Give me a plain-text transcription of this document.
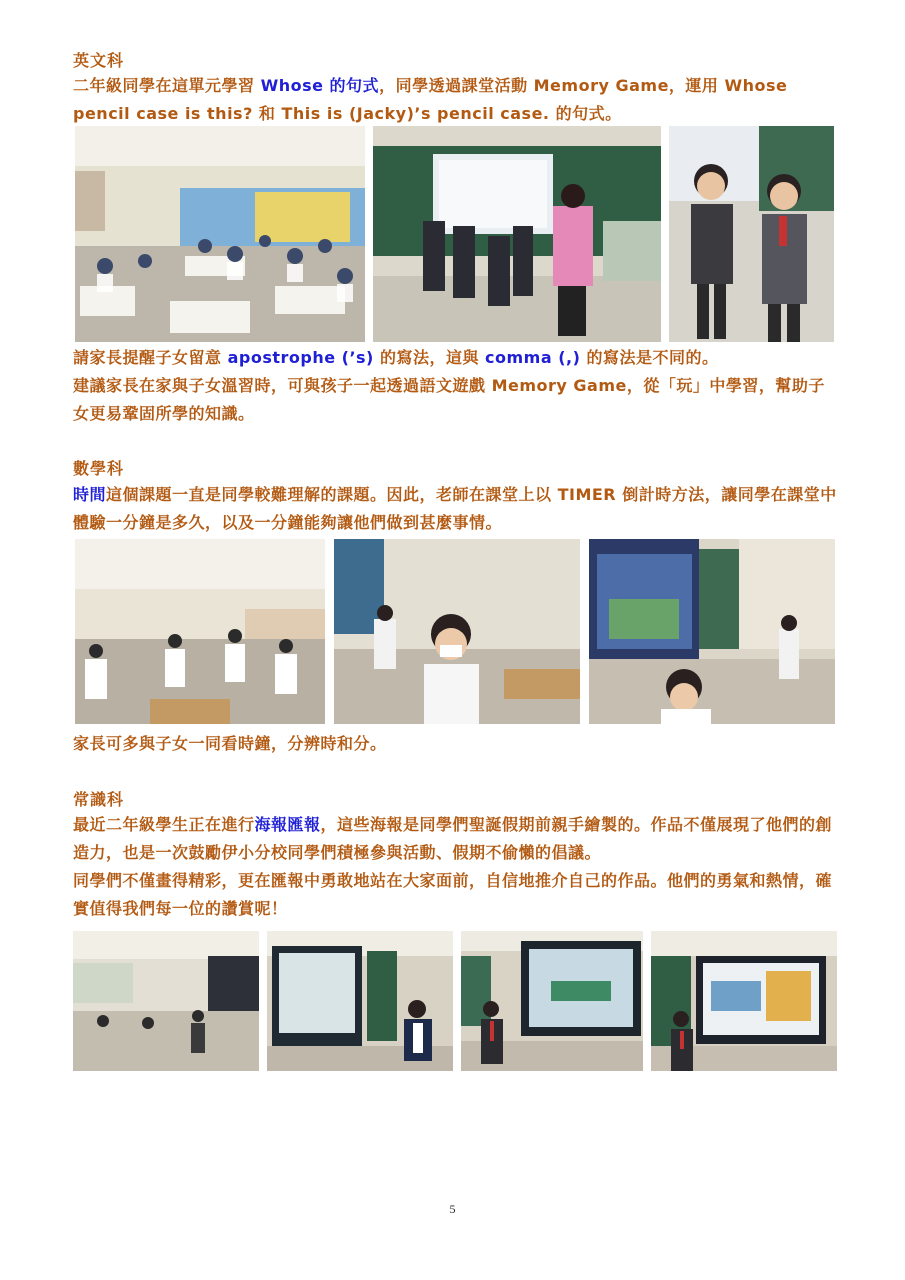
英文科

二年級同學在這單元學習 Whose 的句式，同學透過課堂活動 Memory Game，運用 Whose pencil case is this? 和 This is (Jacky)’s pencil case. 的句式。

請家長提醒子女留意 apostrophe (’s) 的寫法，這與 comma (,) 的寫法是不同的。

建議家長在家與子女溫習時，可與孩子一起透過語文遊戲 Memory Game，從「玩」中學習，幫助子女更易鞏固所學的知識。

數學科

時間這個課題一直是同學較難理解的課題。因此，老師在課堂上以 TIMER 倒計時方法，讓同學在課堂中體驗一分鐘是多久，以及一分鐘能夠讓他們做到甚麼事情。

家長可多與子女一同看時鐘，分辨時和分。

常識科

最近二年級學生正在進行海報匯報，這些海報是同學們聖誕假期前親手繪製的。作品不僅展現了他們的創造力，也是一次鼓勵伊小分校同學們積極參與活動、假期不偷懶的倡議。

同學們不僅畫得精彩，更在匯報中勇敢地站在大家面前，自信地推介自己的作品。他們的勇氣和熱情，確實值得我們每一位的讚賞呢！

5
